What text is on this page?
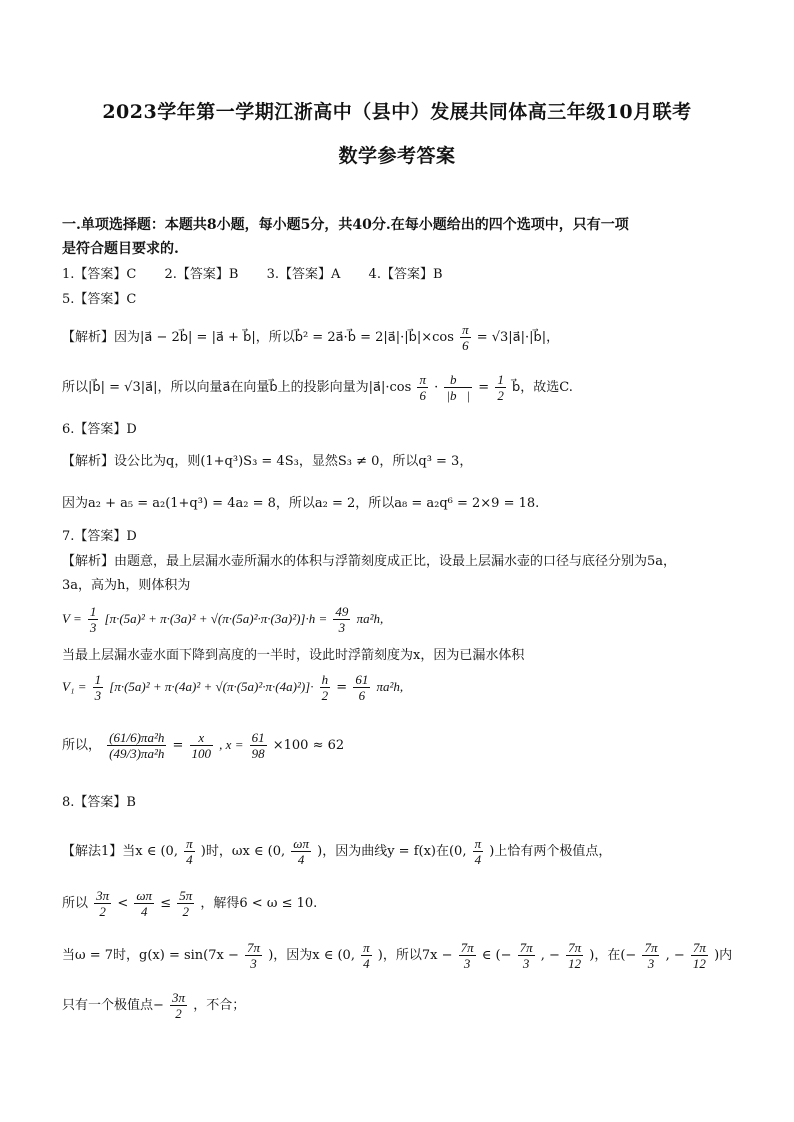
2023学年第一学期江浙高中（县中）发展共同体高三年级10月联考
数学参考答案
一.单项选择题：本题共8小题，每小题5分，共40分.在每小题给出的四个选项中，只有一项
是符合题目要求的.
1.【答案】C 2.【答案】B 3.【答案】A 4.【答案】B
5.【答案】C
【解析】因为|a⃗ − 2b⃗| = |a⃗ + b⃗|，所以b⃗² = 2a⃗·b⃗ = 2|a⃗|·|b⃗|×cos $\frac{\pi}{6}$ = √3|a⃗|·|b⃗|，
所以|b⃗| = √3|a⃗|，所以向量a⃗在向量b⃗上的投影向量为|a⃗|·cos $\frac{\pi}{6} \cdot \frac{b⃗}{|b⃗|} = \frac{1}{2}$ b⃗，故选C.
6.【答案】D
【解析】设公比为q，则(1+q³)S₃ = 4S₃，显然S₃ ≠ 0，所以q³ = 3，
因为a₂ + a₅ = a₂(1+q³) = 4a₂ = 8，所以a₂ = 2，所以a₈ = a₂q⁶ = 2×9 = 18.
7.【答案】D
【解析】由题意，最上层漏水壶所漏水的体积与浮箭刻度成正比，设最上层漏水壶的口径与底径分别为5a，
3a，高为h，则体积为
$V = \frac{1}{3} [\pi\cdot(5a)^2 + \pi\cdot(3a)^2 + √(\pi\cdot(5a)^2\cdot\pi\cdot(3a)^2)]\cdot h = \frac{49}{3} \pi a^2h$,
当最上层漏水壶水面下降到高度的一半时，设此时浮箭刻度为x，因为已漏水体积
$V_1 = \frac{1}{3} [\pi\cdot(5a)^2 + \pi\cdot(4a)^2 + √(\pi\cdot(5a)^2\cdot\pi\cdot(4a)^2)]\cdot \frac{h}{2} = \frac{61}{6} \pi a^2h$,
所以， $\frac{\text{(61/6)πa²h}}{\text{(49/3)πa²h}} = \frac{x}{100}$ , $x = \frac{61}{98} \times 100 \approx 62$
8.【答案】B
【解法1】当x ∈ (0, $\frac{\pi}{4}$ )时，ωx ∈ (0, $\frac{\omega\pi}{4}$ )，因为曲线y = f(x)在(0, $\frac{\pi}{4}$ )上恰有两个极值点，
所以 $\frac{3\pi}{2} < \frac{\omega\pi}{4} \le \frac{5\pi}{2}$ ，解得6 < ω ≤ 10.
当ω = 7时，$g(x) = \sin(7x - \frac{7\pi}{3}$ )，因为x ∈ (0, $\frac{\pi}{4}$ )，所以$7x - \frac{7\pi}{3}$ ∈ (− $\frac{7\pi}{3}$ , − $\frac{7\pi}{12}$ )，在(− $\frac{7\pi}{3}$ , − $\frac{7\pi}{12}$ )内
只有一个极值点− $\frac{3\pi}{2}$ ，不合；
